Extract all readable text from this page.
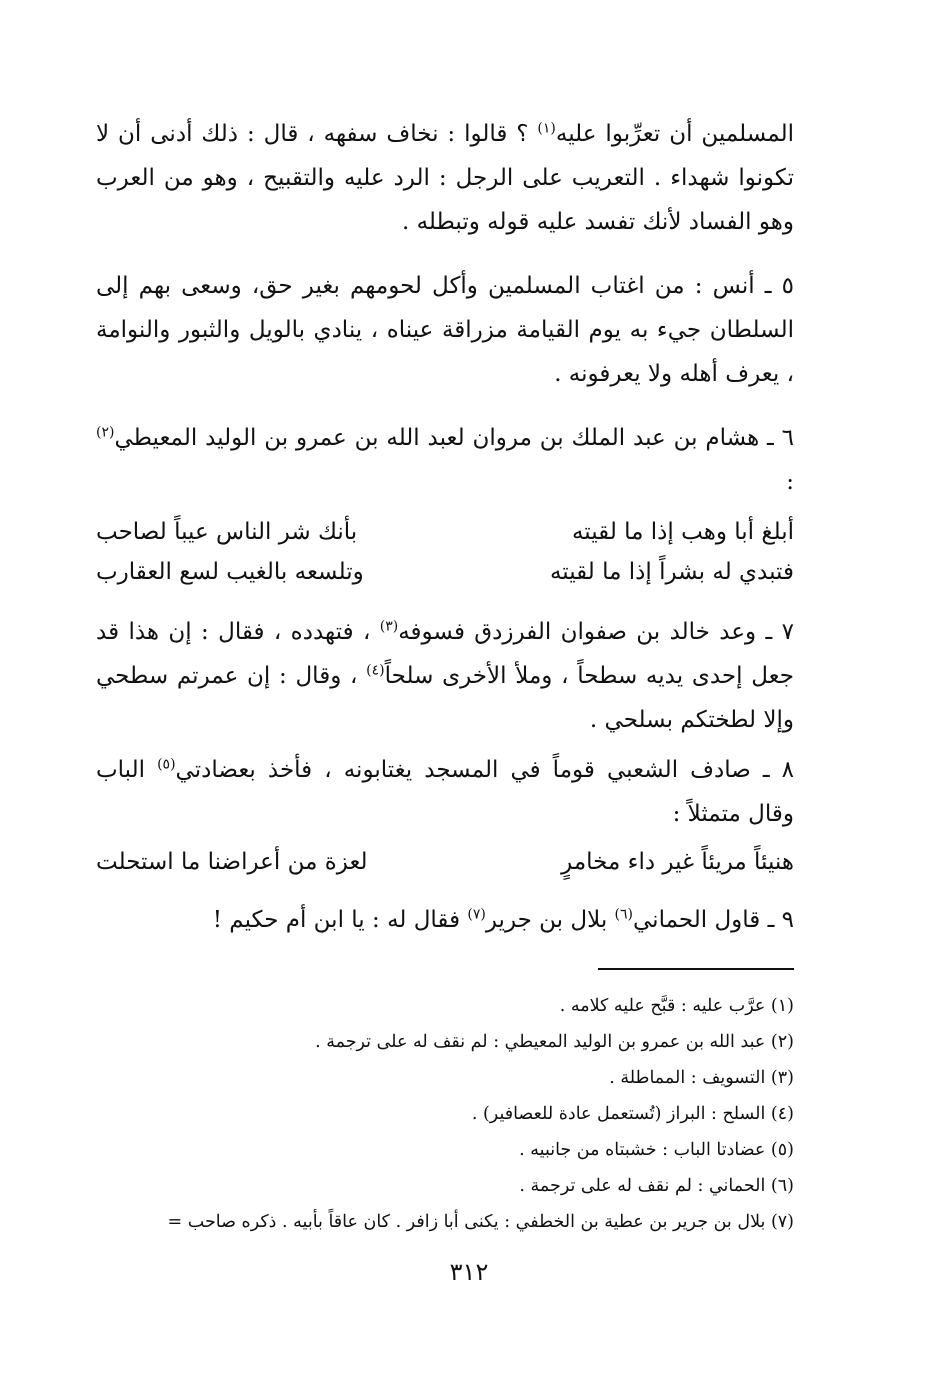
المسلمين أن تعرِّبوا عليه$^{(١)}$ ؟ قالوا : نخاف سفهه ، قال : ذلك أدنى أن لا تكونوا شهداء . التعريب على الرجل : الرد عليه والتقبيح ، وهو من العرب وهو الفساد لأنك تفسد عليه قوله وتبطله .

٥ ـ أنس : من اغتاب المسلمين وأكل لحومهم بغير حق، وسعى بهم إلى السلطان جيء به يوم القيامة مزراقة عيناه ، ينادي بالويل والثبور والنوامة ، يعرف أهله ولا يعرفونه .

٦ ـ هشام بن عبد الملك بن مروان لعبد الله بن عمرو بن الوليد المعيطي$^{(٢)}$ :

أبلغ أبا وهب إذا ما لقيته
بأنك شر الناس عيباً لصاحب
فتبدي له بشراً إذا ما لقيته
وتلسعه بالغيب لسع العقارب

٧ ـ وعد خالد بن صفوان الفرزدق فسوفه$^{(٣)}$ ، فتهدده ، فقال : إن هذا قد جعل إحدى يديه سطحاً ، وملأ الأخرى سلحاً$^{(٤)}$ ، وقال : إن عمرتم سطحي وإلا لطختكم بسلحي .

٨ ـ صادف الشعبي قوماً في المسجد يغتابونه ، فأخذ بعضادتي$^{(٥)}$ الباب وقال متمثلاً :

هنيئاً مريئاً غير داء مخامرٍ
لعزة من أعراضنا ما استحلت

٩ ـ قاول الحماني$^{(٦)}$ بلال بن جرير$^{(٧)}$ فقال له : يا ابن أم حكيم !

(١) عرَّب عليه : قبَّح عليه كلامه .

(٢) عبد الله بن عمرو بن الوليد المعيطي : لم نقف له على ترجمة .

(٣) التسويف : المماطلة .

(٤) السلح : البراز (تُستعمل عادة للعصافير) .

(٥) عضادتا الباب : خشبتاه من جانبيه .

(٦) الحماني : لم نقف له على ترجمة .

(٧) بلال بن جرير بن عطية بن الخطفي : يكنى أبا زافر . كان عاقاً بأبيه . ذكره صاحب =

٣١٢
